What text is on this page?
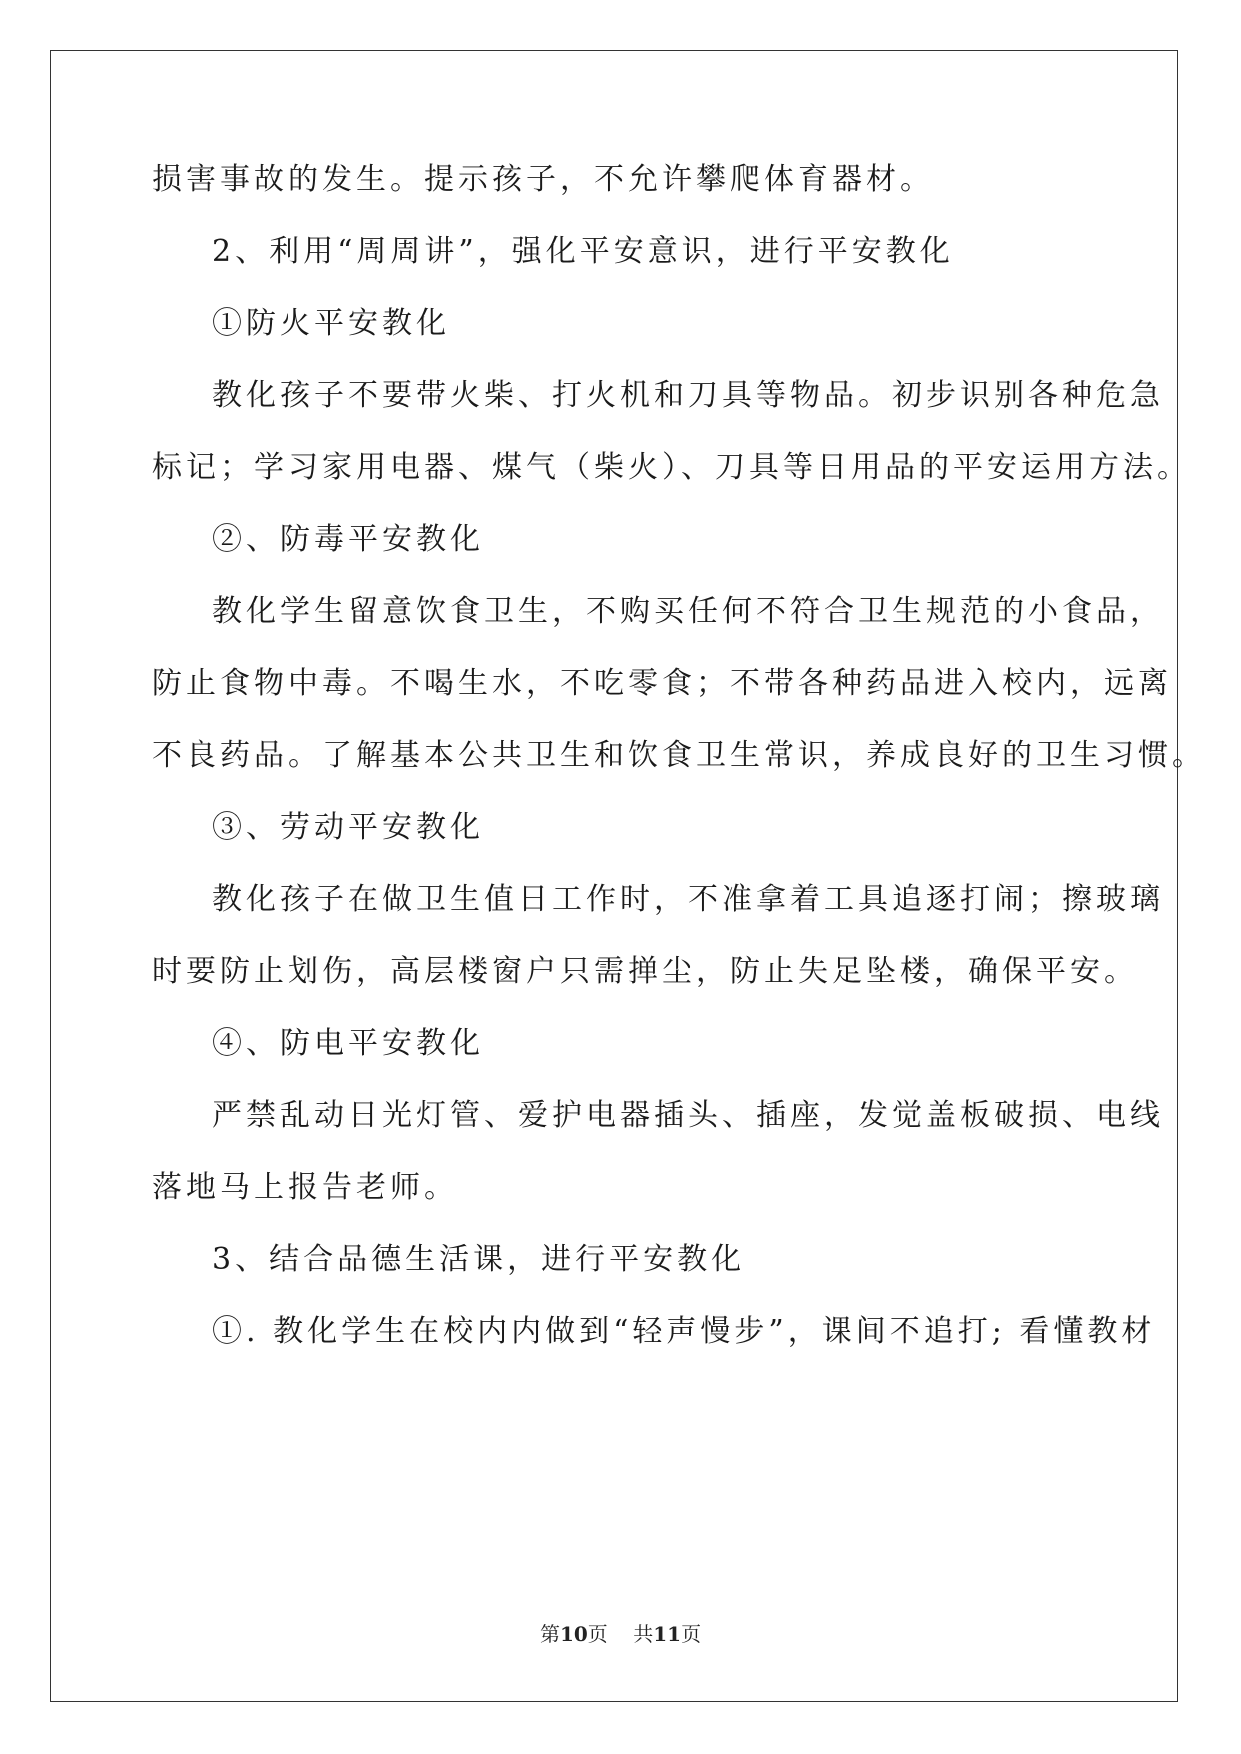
损害事故的发生。提示孩子，不允许攀爬体育器材。
2、利用“周周讲”，强化平安意识，进行平安教化
①防火平安教化
教化孩子不要带火柴、打火机和刀具等物品。初步识别各种危急
标记；学习家用电器、煤气（柴火）、刀具等日用品的平安运用方法。
②、防毒平安教化
教化学生留意饮食卫生，不购买任何不符合卫生规范的小食品，
防止食物中毒。不喝生水，不吃零食；不带各种药品进入校内，远离
不良药品。了解基本公共卫生和饮食卫生常识，养成良好的卫生习惯。
③、劳动平安教化
教化孩子在做卫生值日工作时，不准拿着工具追逐打闹；擦玻璃
时要防止划伤，高层楼窗户只需掸尘，防止失足坠楼，确保平安。
④、防电平安教化
严禁乱动日光灯管、爱护电器插头、插座，发觉盖板破损、电线
落地马上报告老师。
3、结合品德生活课，进行平安教化
①. 教化学生在校内内做到“轻声慢步”，课间不追打; 看懂教材
第10页 共11页
